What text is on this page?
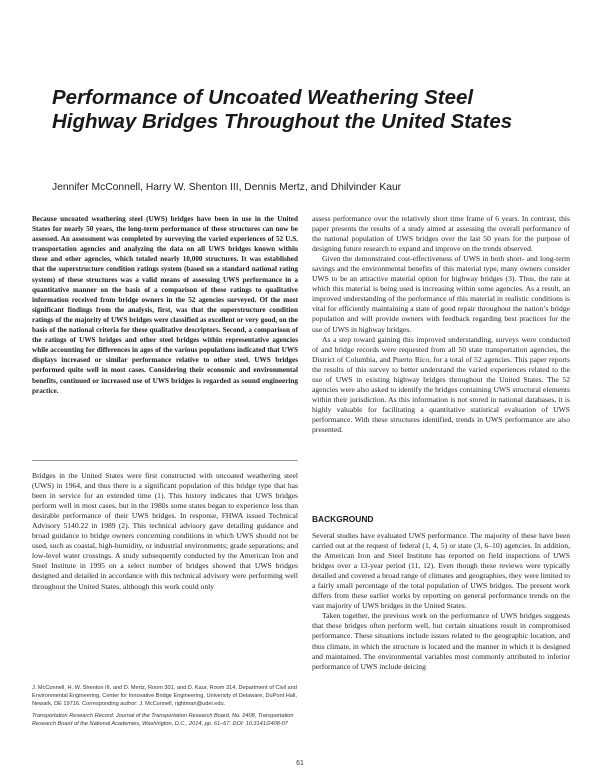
Performance of Uncoated Weathering Steel Highway Bridges Throughout the United States

Jennifer McConnell, Harry W. Shenton III, Dennis Mertz, and Dhilvinder Kaur

Because uncoated weathering steel (UWS) bridges have been in use in the United States for nearly 50 years, the long-term performance of these structures can now be assessed. An assessment was completed by surveying the varied experiences of 52 U.S. transportation agencies and analyzing the data on all UWS bridges known within these and other agencies, which totaled nearly 10,000 structures. It was established that the superstructure condition ratings system (based on a standard national rating system) of these structures was a valid means of assessing UWS performance in a quantitative manner on the basis of a comparison of these ratings to qualitative information received from bridge owners in the 52 agencies surveyed. Of the most significant findings from the analysis, first, was that the superstructure condition ratings of the majority of UWS bridges were classified as excellent or very good, on the basis of the national criteria for these qualitative descriptors. Second, a comparison of the ratings of UWS bridges and other steel bridges within representative agencies while accounting for differences in ages of the various populations indicated that UWS displays increased or similar performance relative to other steel. UWS bridges performed quite well in most cases. Considering their economic and environmental benefits, continued or increased use of UWS bridges is regarded as sound engineering practice.

Bridges in the United States were first constructed with uncoated weathering steel (UWS) in 1964, and thus there is a significant population of this bridge type that has been in service for an extended time (1). This history indicates that UWS bridges perform well in most cases, but in the 1980s some states began to experience less than desirable performance of their UWS bridges. In response, FHWA issued Technical Advisory 5140.22 in 1989 (2). This technical advisory gave detailing guidance and broad guidance to bridge owners concerning conditions in which UWS should not be used, such as coastal, high-humidity, or industrial environments; grade separations; and low-level water crossings. A study subsequently conducted by the American Iron and Steel Institute in 1995 on a select number of bridges showed that UWS bridges designed and detailed in accordance with this technical advisory were performing well throughout the United States, although this work could only

assess performance over the relatively short time frame of 6 years. In contrast, this paper presents the results of a study aimed at assessing the overall performance of the national population of UWS bridges over the last 50 years for the purpose of designing future research to expand and improve on the trends observed.

Given the demonstrated cost-effectiveness of UWS in both short- and long-term savings and the environmental benefits of this material type, many owners consider UWS to be an attractive material option for highway bridges (3). Thus, the rate at which this material is being used is increasing within some agencies. As a result, an improved understanding of the performance of this material in realistic conditions is vital for efficiently maintaining a state of good repair throughout the nation’s bridge population and will provide owners with feedback regarding best practices for the use of UWS in highway bridges.

As a step toward gaining this improved understanding, surveys were conducted of and bridge records were requested from all 50 state transportation agencies, the District of Columbia, and Puerto Rico, for a total of 52 agencies. This paper reports the results of this survey to better understand the varied experiences related to the use of UWS in existing highway bridges throughout the United States. The 52 agencies were also asked to identify the bridges containing UWS structural elements within their jurisdiction. As this information is not stored in national databases, it is highly valuable for facilitating a quantitative statistical evaluation of UWS performance. With these structures identified, trends in UWS performance are also presented.

BACKGROUND

Several studies have evaluated UWS performance. The majority of these have been carried out at the request of federal (1, 4, 5) or state (3, 6–10) agencies. In addition, the American Iron and Steel Institute has reported on field inspections of UWS bridges over a 13-year period (11, 12). Even though these reviews were typically detailed and covered a broad range of climates and geographies, they were limited to a fairly small percentage of the total population of UWS bridges. The present work differs from these earlier works by reporting on general performance trends on the vast majority of UWS bridges in the United States.

Taken together, the previous work on the performance of UWS bridges suggests that these bridges often perform well, but certain situations result in compromised performance. These situations include issues related to the geographic location, and thus climate, in which the structure is located and the manner in which it is designed and maintained. The environmental variables most commonly attributed to inferior performance of UWS include deicing

J. McConnell, H. W. Shenton III, and D. Mertz, Room 301, and D. Kaur, Room 314, Department of Civil and Environmental Engineering, Center for Innovative Bridge Engineering, University of Delaware, DuPont Hall, Newark, DE 19716. Corresponding author: J. McConnell, rightman@udel.edu.

Transportation Research Record: Journal of the Transportation Research Board, No. 2408, Transportation Research Board of the National Academies, Washington, D.C., 2014, pp. 61–67. DOI: 10.3141/2408-07

61
